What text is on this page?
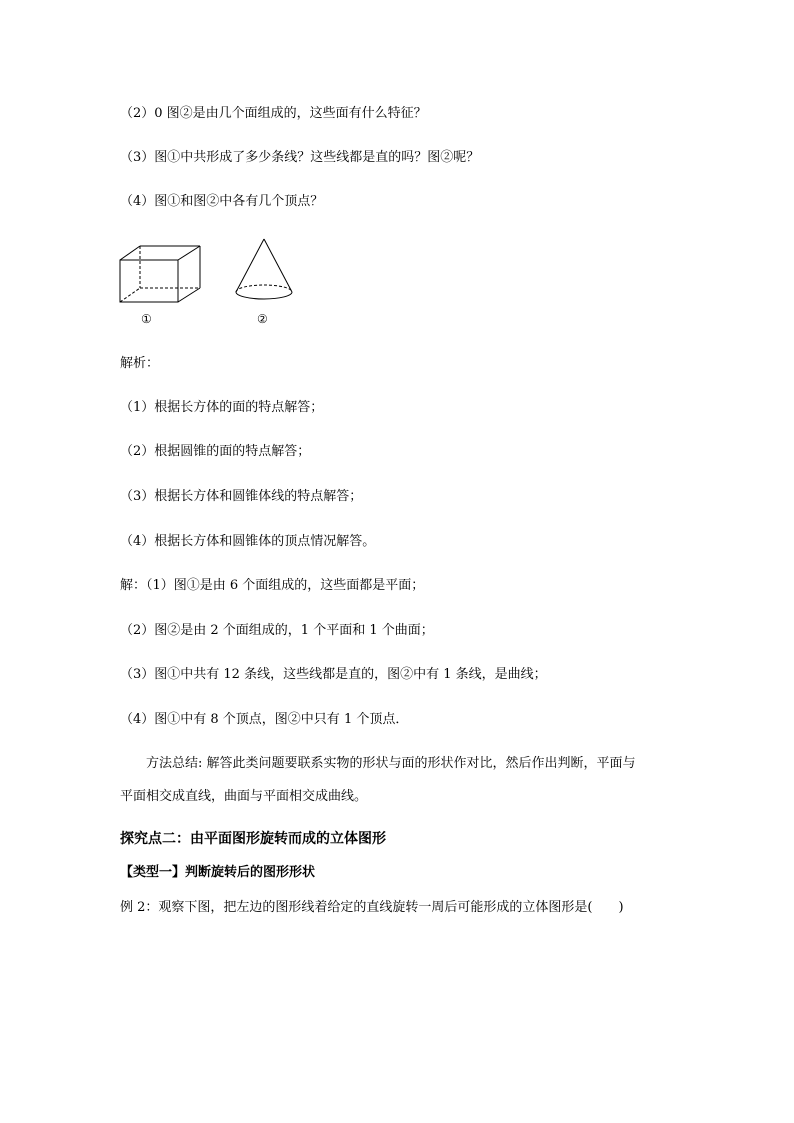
（2）0 图②是由几个面组成的，这些面有什么特征？
（3）图①中共形成了多少条线？这些线都是直的吗？图②呢？
（4）图①和图②中各有几个顶点？
①	②
解析：
（1）根据长方体的面的特点解答；
（2）根据圆锥的面的特点解答；
（3）根据长方体和圆锥体线的特点解答；
（4）根据长方体和圆锥体的顶点情况解答。
解：（1）图①是由 6 个面组成的，这些面都是平面；
（2）图②是由 2 个面组成的，1 个平面和 1 个曲面；
（3）图①中共有 12 条线，这些线都是直的，图②中有 1 条线，是曲线；
（4）图①中有 8 个顶点，图②中只有 1 个顶点．
方法总结: 解答此类问题要联系实物的形状与面的形状作对比，然后作出判断，平面与
平面相交成直线，曲面与平面相交成曲线。
探究点二：由平面图形旋转而成的立体图形
【类型一】判断旋转后的图形形状
例 2：观察下图，把左边的图形线着给定的直线旋转一周后可能形成的立体图形是(　　)
